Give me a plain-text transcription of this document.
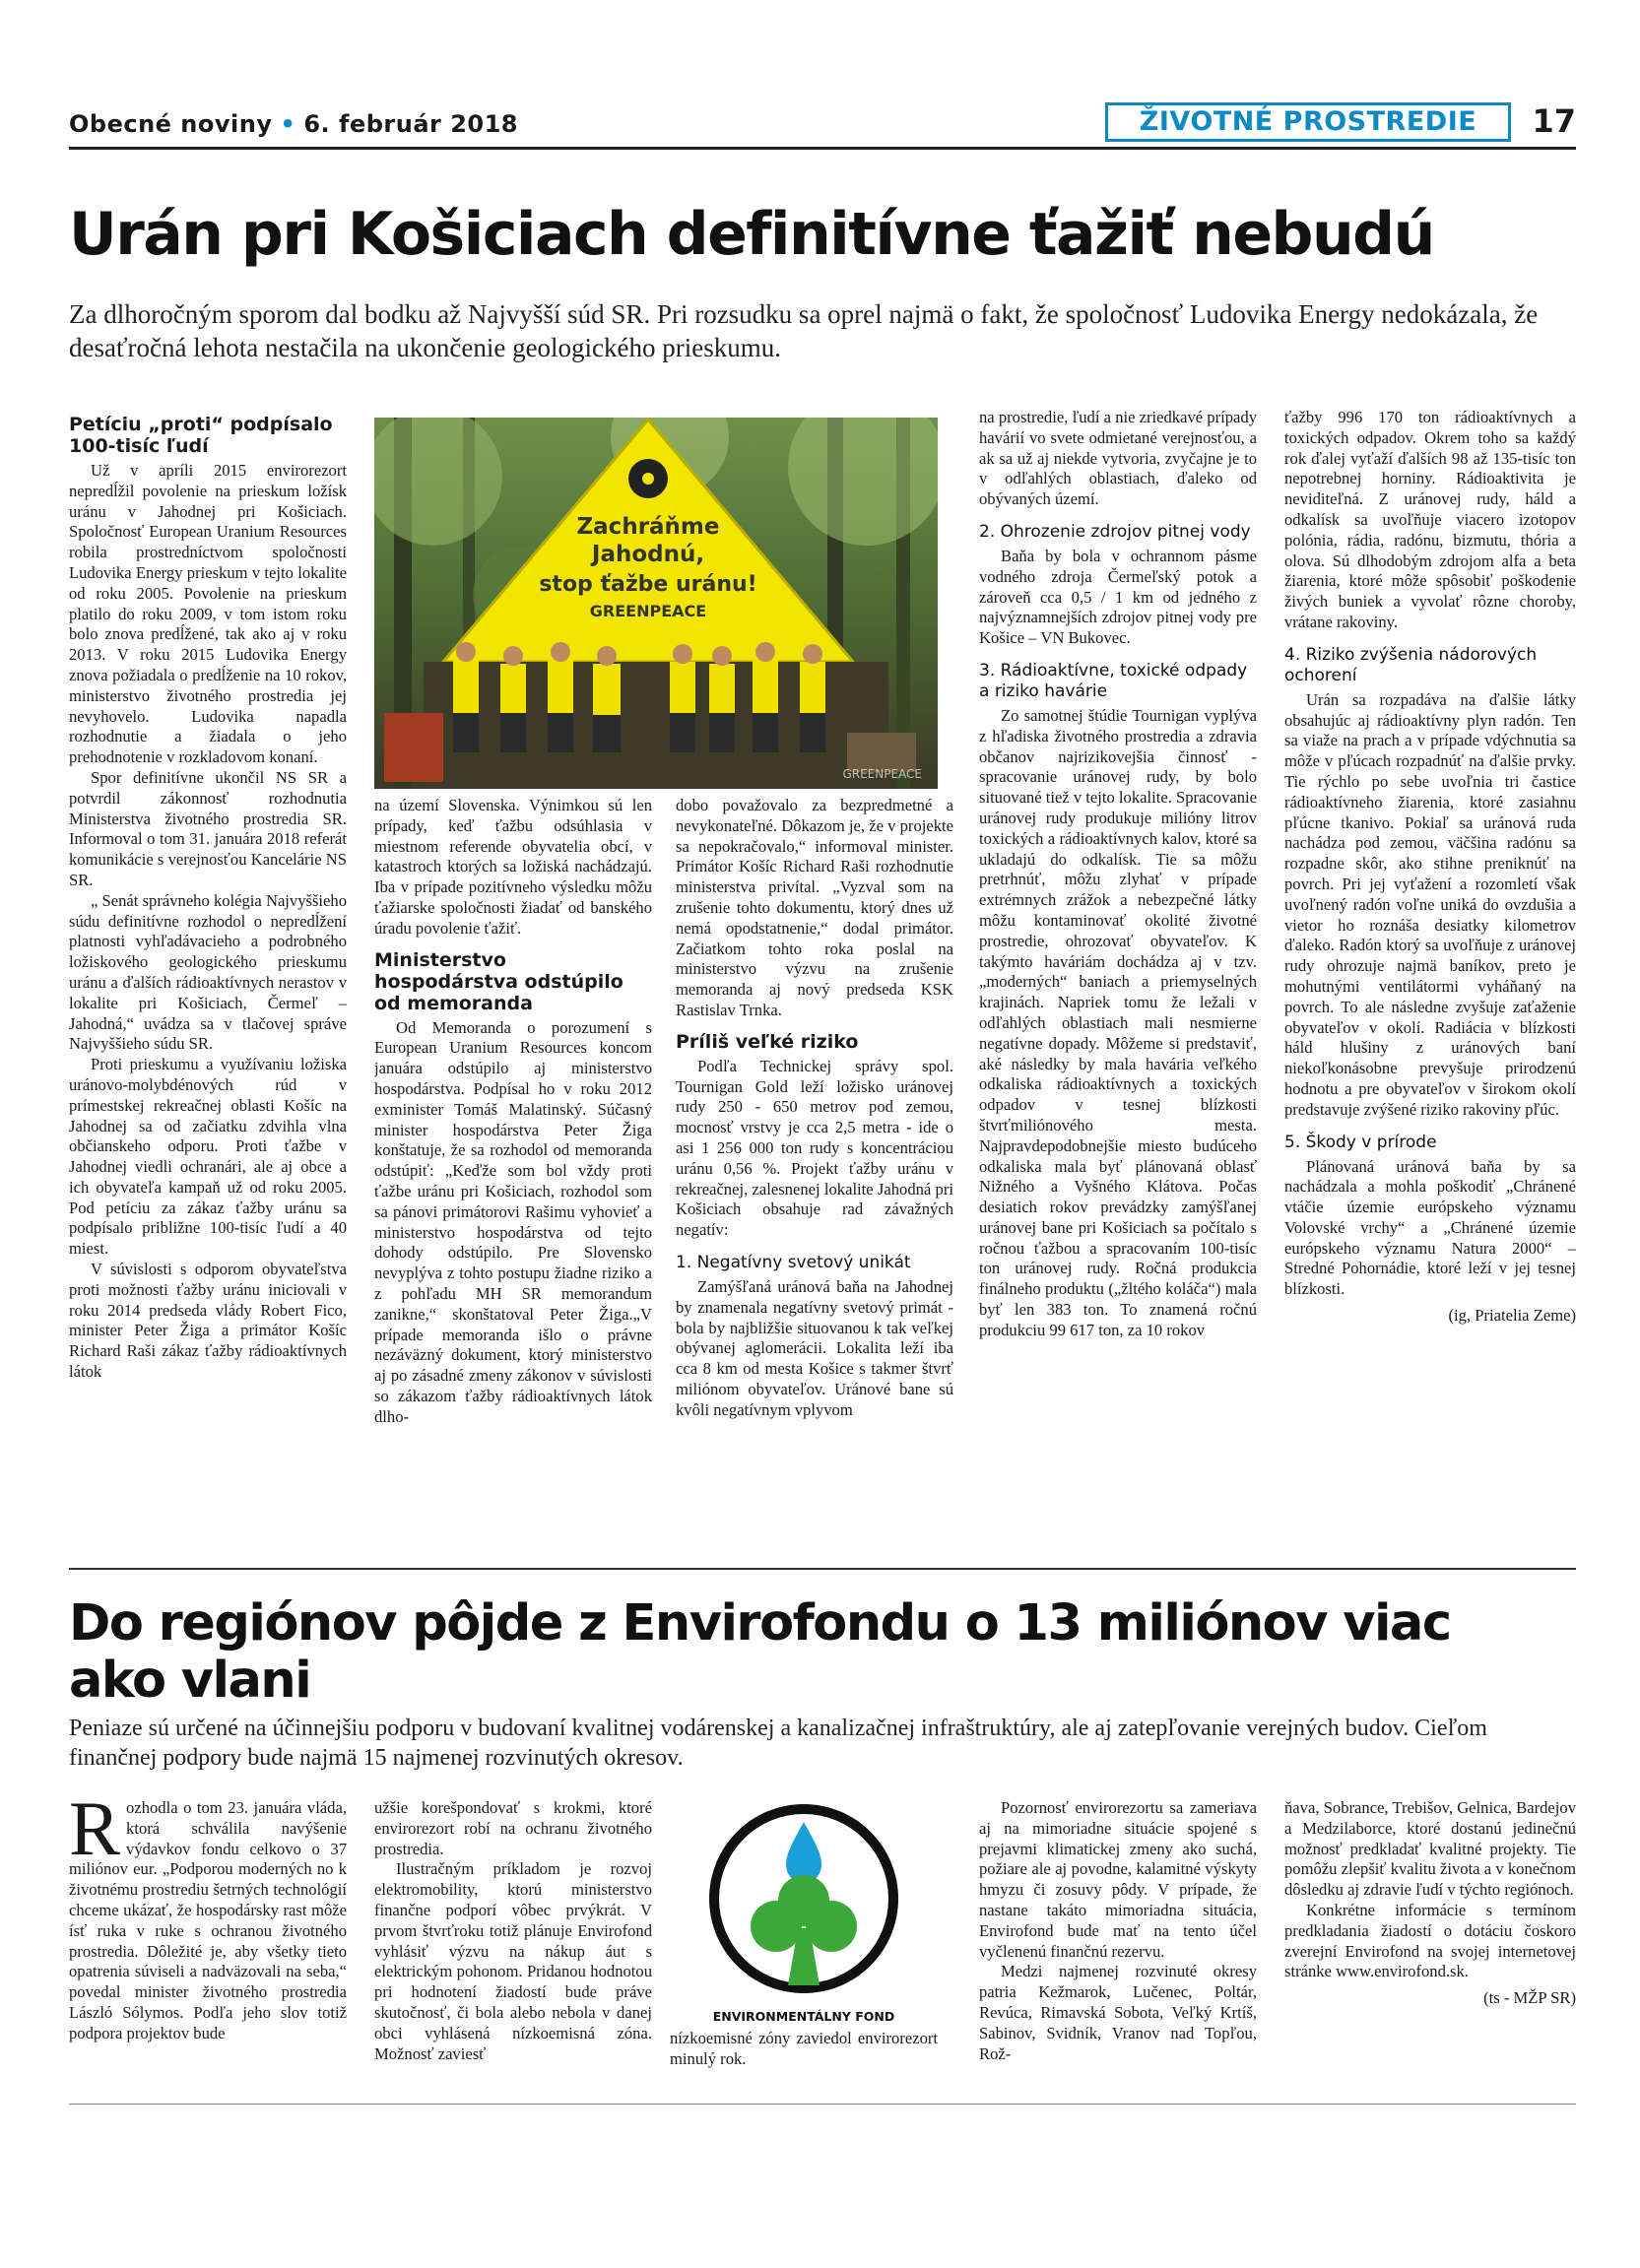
Obecné noviny • 6. február 2018	ŽIVOTNÉ PROSTREDIE	17
Urán pri Košiciach definitívne ťažiť nebudú
Za dlhoročným sporom dal bodku až Najvyšší súd SR. Pri rozsudku sa oprel najmä o fakt, že spoločnosť Ludovika Energy nedokázala, že desaťročná lehota nestačila na ukončenie geologického prieskumu.
Petíciu „proti“ podpísalo 100-tisíc ľudí

Už v apríli 2015 envirorezort nepredĺžil povolenie na prieskum ložísk uránu v Jahodnej pri Košiciach. Spoločnosť European Uranium Resources robila prostredníctvom spoločnosti Ludovika Energy prieskum v tejto lokalite od roku 2005. Povolenie na prieskum platilo do roku 2009, v tom istom roku bolo znova predĺžené, tak ako aj v roku 2013. V roku 2015 Ludovika Energy znova požiadala o predĺženie na 10 rokov, ministerstvo životného prostredia jej nevyhovelo. Ludovika napadla rozhodnutie a žiadala o jeho prehodnotenie v rozkladovom konaní.

Spor definitívne ukončil NS SR a potvrdil zákonnosť rozhodnutia Ministerstva životného prostredia SR. Informoval o tom 31. januára 2018 referát komunikácie s verejnosťou Kancelárie NS SR.

„ Senát správneho kolégia Najvyššieho súdu definitívne rozhodol o nepredĺžení platnosti vyhľadávacieho a podrobného ložiskového geologického prieskumu uránu a ďalších rádioaktívnych nerastov v lokalite pri Košiciach, Čermeľ – Jahodná,“ uvádza sa v tlačovej správe Najvyššieho súdu SR.

Proti prieskumu a využívaniu ložiska uránovo-molybdénových rúd v prímestskej rekreačnej oblasti Košíc na Jahodnej sa od začiatku zdvihla vlna občianskeho odporu. Proti ťažbe v Jahodnej viedli ochranári, ale aj obce a ich obyvateľa kampaň už od roku 2005. Pod petíciu za zákaz ťažby uránu sa podpísalo približne 100-tisíc ľudí a 40 miest.

V súvislosti s odporom obyvateľstva proti možnosti ťažby uránu iniciovali v roku 2014 predseda vlády Robert Fico, minister Peter Žiga a primátor Košíc Richard Raši zákaz ťažby rádioaktívnych látok

Zachráňme
Jahodnú,
stop ťažbe uránu!
GREENPEACE
GREENPEACE

na území Slovenska. Výnimkou sú len prípady, keď ťažbu odsúhlasia v miestnom referende obyvatelia obcí, v katastroch ktorých sa ložiská nachádzajú. Iba v prípade pozitívneho výsledku môžu ťažiarske spoločnosti žiadať od banského úradu povolenie ťažiť.

Ministerstvo hospodárstva odstúpilo od memoranda

Od Memoranda o porozumení s European Uranium Resources koncom januára odstúpilo aj ministerstvo hospodárstva. Podpísal ho v roku 2012 exminister Tomáš Malatinský. Súčasný minister hospodárstva Peter Žiga konštatuje, že sa rozhodol od memoranda odstúpiť: „Keďže som bol vždy proti ťažbe uránu pri Košiciach, rozhodol som sa pánovi primátorovi Rašimu vyhovieť a ministerstvo hospodárstva od tejto dohody odstúpilo. Pre Slovensko nevyplýva z tohto postupu žiadne riziko a z pohľadu MH SR memorandum zanikne,“ skonštatoval Peter Žiga.„V prípade memoranda išlo o právne nezáväzný dokument, ktorý ministerstvo aj po zásadné zmeny zákonov v súvislosti so zákazom ťažby rádioaktívnych látok dlho-

dobo považovalo za bezpredmetné a nevykonateľné. Dôkazom je, že v projekte sa nepokračovalo,“ informoval minister. Primátor Košíc Richard Raši rozhodnutie ministerstva privítal. „Vyzval som na zrušenie tohto dokumentu, ktorý dnes už nemá opodstatnenie,“ dodal primátor. Začiatkom tohto roka poslal na ministerstvo výzvu na zrušenie memoranda aj nový predseda KSK Rastislav Trnka.

Príliš veľké riziko

Podľa Technickej správy spol. Tournigan Gold leží ložisko uránovej rudy 250 - 650 metrov pod zemou, mocnosť vrstvy je cca 2,5 metra - ide o asi 1 256 000 ton rudy s koncentráciou uránu 0,56 %. Projekt ťažby uránu v rekreačnej, zalesnenej lokalite Jahodná pri Košiciach obsahuje rad závažných negatív:

1. Negatívny svetový unikát

Zamýšľaná uránová baňa na Jahodnej by znamenala negatívny svetový primát - bola by najbližšie situovanou k tak veľkej obývanej aglomerácii. Lokalita leží iba cca 8 km od mesta Košice s takmer štvrť miliónom obyvateľov. Uránové bane sú kvôli negatívnym vplyvom

na prostredie, ľudí a nie zriedkavé prípady havárií vo svete odmietané verejnosťou, a ak sa už aj niekde vytvoria, zvyčajne je to v odľahlých oblastiach, ďaleko od obývaných území.

2. Ohrozenie zdrojov pitnej vody

Baňa by bola v ochrannom pásme vodného zdroja Čermeľský potok a zároveň cca 0,5 / 1 km od jedného z najvýznamnejších zdrojov pitnej vody pre Košice – VN Bukovec.

3. Rádioaktívne, toxické odpady a riziko havárie

Zo samotnej štúdie Tournigan vyplýva z hľadiska životného prostredia a zdravia občanov najrizikovejšia činnosť - spracovanie uránovej rudy, by bolo situované tiež v tejto lokalite. Spracovanie uránovej rudy produkuje milióny litrov toxických a rádioaktívnych kalov, ktoré sa ukladajú do odkalísk. Tie sa môžu pretrhnúť, môžu zlyhať v prípade extrémnych zrážok a nebezpečné látky môžu kontaminovať okolité životné prostredie, ohrozovať obyvateľov. K takýmto haváriám dochádza aj v tzv. „moderných“ baniach a priemyselných krajinách. Napriek tomu že ležali v odľahlých oblastiach mali nesmierne negatívne dopady. Môžeme si predstaviť, aké následky by mala havária veľkého odkaliska rádioaktívnych a toxických odpadov v tesnej blízkosti štvrťmiliónového mesta. Najpravdepodobnejšie miesto budúceho odkaliska mala byť plánovaná oblasť Nižného a Vyšného Klátova. Počas desiatich rokov prevádzky zamýšľanej uránovej bane pri Košiciach sa počítalo s ročnou ťažbou a spracovaním 100-tisíc ton uránovej rudy. Ročná produkcia finálneho produktu („žltého koláča“) mala byť len 383 ton. To znamená ročnú produkciu 99 617 ton, za 10 rokov

ťažby 996 170 ton rádioaktívnych a toxických odpadov. Okrem toho sa každý rok ďalej vyťaží ďalších 98 až 135-tisíc ton nepotrebnej horniny. Rádioaktivita je neviditeľná. Z uránovej rudy, háld a odkalísk sa uvoľňuje viacero izotopov polónia, rádia, radónu, bizmutu, thória a olova. Sú dlhodobým zdrojom alfa a beta žiarenia, ktoré môže spôsobiť poškodenie živých buniek a vyvolať rôzne choroby, vrátane rakoviny.

4. Riziko zvýšenia nádorových ochorení

Urán sa rozpadáva na ďalšie látky obsahujúc aj rádioaktívny plyn radón. Ten sa viaže na prach a v prípade vdýchnutia sa môže v pľúcach rozpadnúť na ďalšie prvky. Tie rýchlo po sebe uvoľnia tri častice rádioaktívneho žiarenia, ktoré zasiahnu pľúcne tkanivo. Pokiaľ sa uránová ruda nachádza pod zemou, väčšina radónu sa rozpadne skôr, ako stihne preniknúť na povrch. Pri jej vyťažení a rozomletí však uvoľnený radón voľne uniká do ovzdušia a vietor ho roznáša desiatky kilometrov ďaleko. Radón ktorý sa uvoľňuje z uránovej rudy ohrozuje najmä baníkov, preto je mohutnými ventilátormi vyháňaný na povrch. To ale následne zvyšuje zaťaženie obyvateľov v okolí. Radiácia v blízkosti háld hlušiny z uránových baní niekoľkonásobne prevyšuje prirodzenú hodnotu a pre obyvateľov v širokom okolí predstavuje zvýšené riziko rakoviny pľúc.

5. Škody v prírode

Plánovaná uránová baňa by sa nachádzala a mohla poškodiť „Chránené vtáčie územie európskeho významu Volovské vrchy“ a „Chránené územie európskeho významu Natura 2000“ – Stredné Pohornádie, ktoré leží v jej tesnej blízkosti.

(ig, Priatelia Zeme)

Do regiónov pôjde z Envirofondu o 13 miliónov viac
ako vlani
Peniaze sú určené na účinnejšiu podporu v budovaní kvalitnej vodárenskej a kanalizačnej infraštruktúry, ale aj zatepľovanie verejných budov. Cieľom finančnej podpory bude najmä 15 najmenej rozvinutých okresov.
R ozhodla o tom 23. januára vláda, ktorá schválila navýšenie výdavkov fondu celkovo o 37 miliónov eur. „Podporou moderných no k životnému prostrediu šetrných technológií chceme ukázať, že hospodársky rast môže ísť ruka v ruke s ochranou životného prostredia. Dôležité je, aby všetky tieto opatrenia súviseli a nadväzovali na seba,“ povedal minister životného prostredia László Sólymos. Podľa jeho slov totiž podpora projektov bude

užšie korešpondovať s krokmi, ktoré envirorezort robí na ochranu životného prostredia.

Ilustračným príkladom je rozvoj elektromobility, ktorú ministerstvo finančne podporí vôbec prvýkrát. V prvom štvrťroku totiž plánuje Envirofond vyhlásiť výzvu na nákup áut s elektrickým pohonom. Pridanou hodnotou pri hodnotení žiadostí bude práve skutočnosť, či bola alebo nebola v danej obci vyhlásená nízkoemisná zóna. Možnosť zaviesť

ENVIRONMENTÁLNY FOND

nízkoemisné zóny zaviedol envirorezort minulý rok.

Pozornosť envirorezortu sa zameriava aj na mimoriadne situácie spojené s prejavmi klimatickej zmeny ako suchá, požiare ale aj povodne, kalamitné výskyty hmyzu či zosuvy pôdy. V prípade, že nastane takáto mimoriadna situácia, Envirofond bude mať na tento účel vyčlenenú finančnú rezervu.

Medzi najmenej rozvinuté okresy patria Kežmarok, Lučenec, Poltár, Revúca, Rimavská Sobota, Veľký Krtíš, Sabinov, Svidník, Vranov nad Topľou, Rož-

ňava, Sobrance, Trebišov, Gelnica, Bardejov a Medzilaborce, ktoré dostanú jedinečnú možnosť predkladať kvalitné projekty. Tie pomôžu zlepšiť kvalitu života a v konečnom dôsledku aj zdravie ľudí v týchto regiónoch.

Konkrétne informácie s termínom predkladania žiadostí o dotáciu čoskoro zverejní Envirofond na svojej internetovej stránke www.envirofond.sk.

(ts - MŽP SR)
